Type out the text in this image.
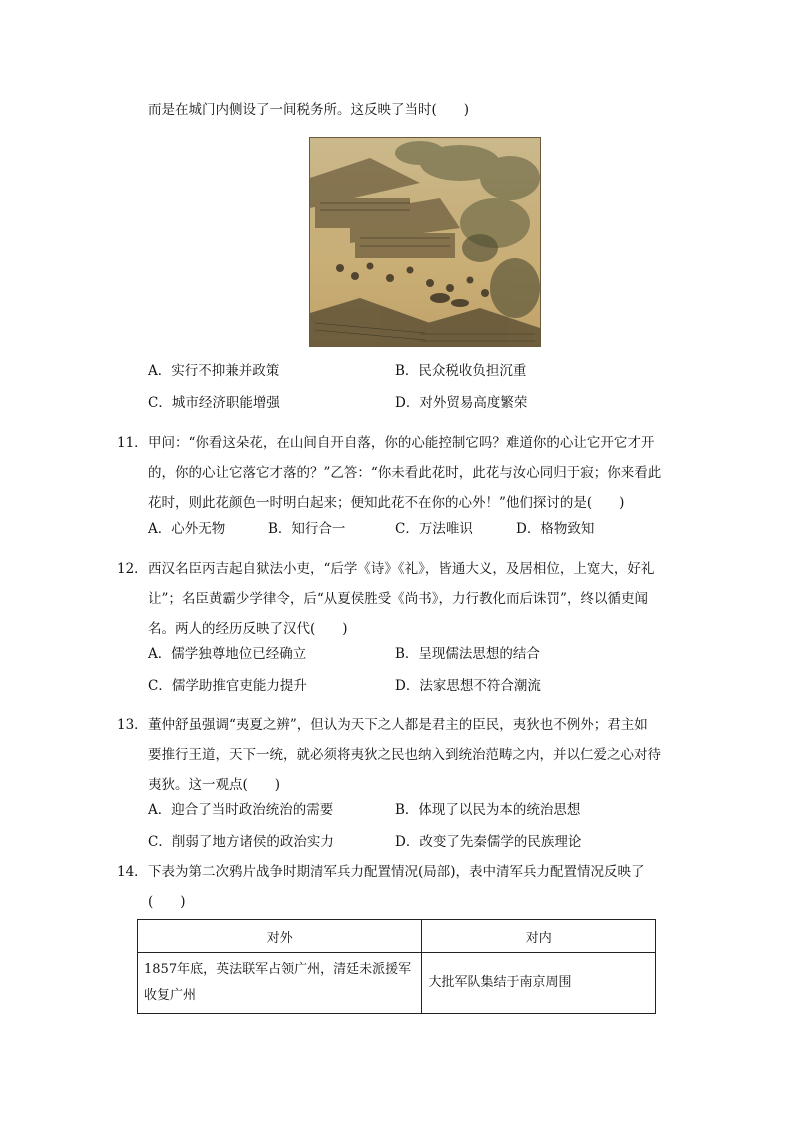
而是在城门内侧设了一间税务所。这反映了当时(　　)
A．实行不抑兼并政策	B．民众税收负担沉重
C．城市经济职能增强	D．对外贸易高度繁荣
11． 甲问：“你看这朵花，在山间自开自落，你的心能控制它吗？难道你的心让它开它才开
的，你的心让它落它才落的？”乙答：“你未看此花时，此花与汝心同归于寂；你来看此
花时，则此花颜色一时明白起来；便知此花不在你的心外！”他们探讨的是(　　)
A．心外无物	B．知行合一	C．万法唯识	D．格物致知
12． 西汉名臣丙吉起自狱法小吏，“后学《诗》《礼》，皆通大义，及居相位，上宽大，好礼
让”；名臣黄霸少学律令，后“从夏侯胜受《尚书》，力行教化而后诛罚”，终以循吏闻
名。两人的经历反映了汉代(　　)
A．儒学独尊地位已经确立	B．呈现儒法思想的结合
C．儒学助推官吏能力提升	D．法家思想不符合潮流
13． 董仲舒虽强调“夷夏之辨”，但认为天下之人都是君主的臣民，夷狄也不例外；君主如
要推行王道，天下一统，就必须将夷狄之民也纳入到统治范畴之内，并以仁爱之心对待
夷狄。这一观点(　　)
A．迎合了当时政治统治的需要	B．体现了以民为本的统治思想
C．削弱了地方诸侯的政治实力	D．改变了先秦儒学的民族理论
14． 下表为第二次鸦片战争时期清军兵力配置情况(局部)，表中清军兵力配置情况反映了
(　　)
对外	对内
1857年底，英法联军占领广州，清廷未派援军收复广州	大批军队集结于南京周围
